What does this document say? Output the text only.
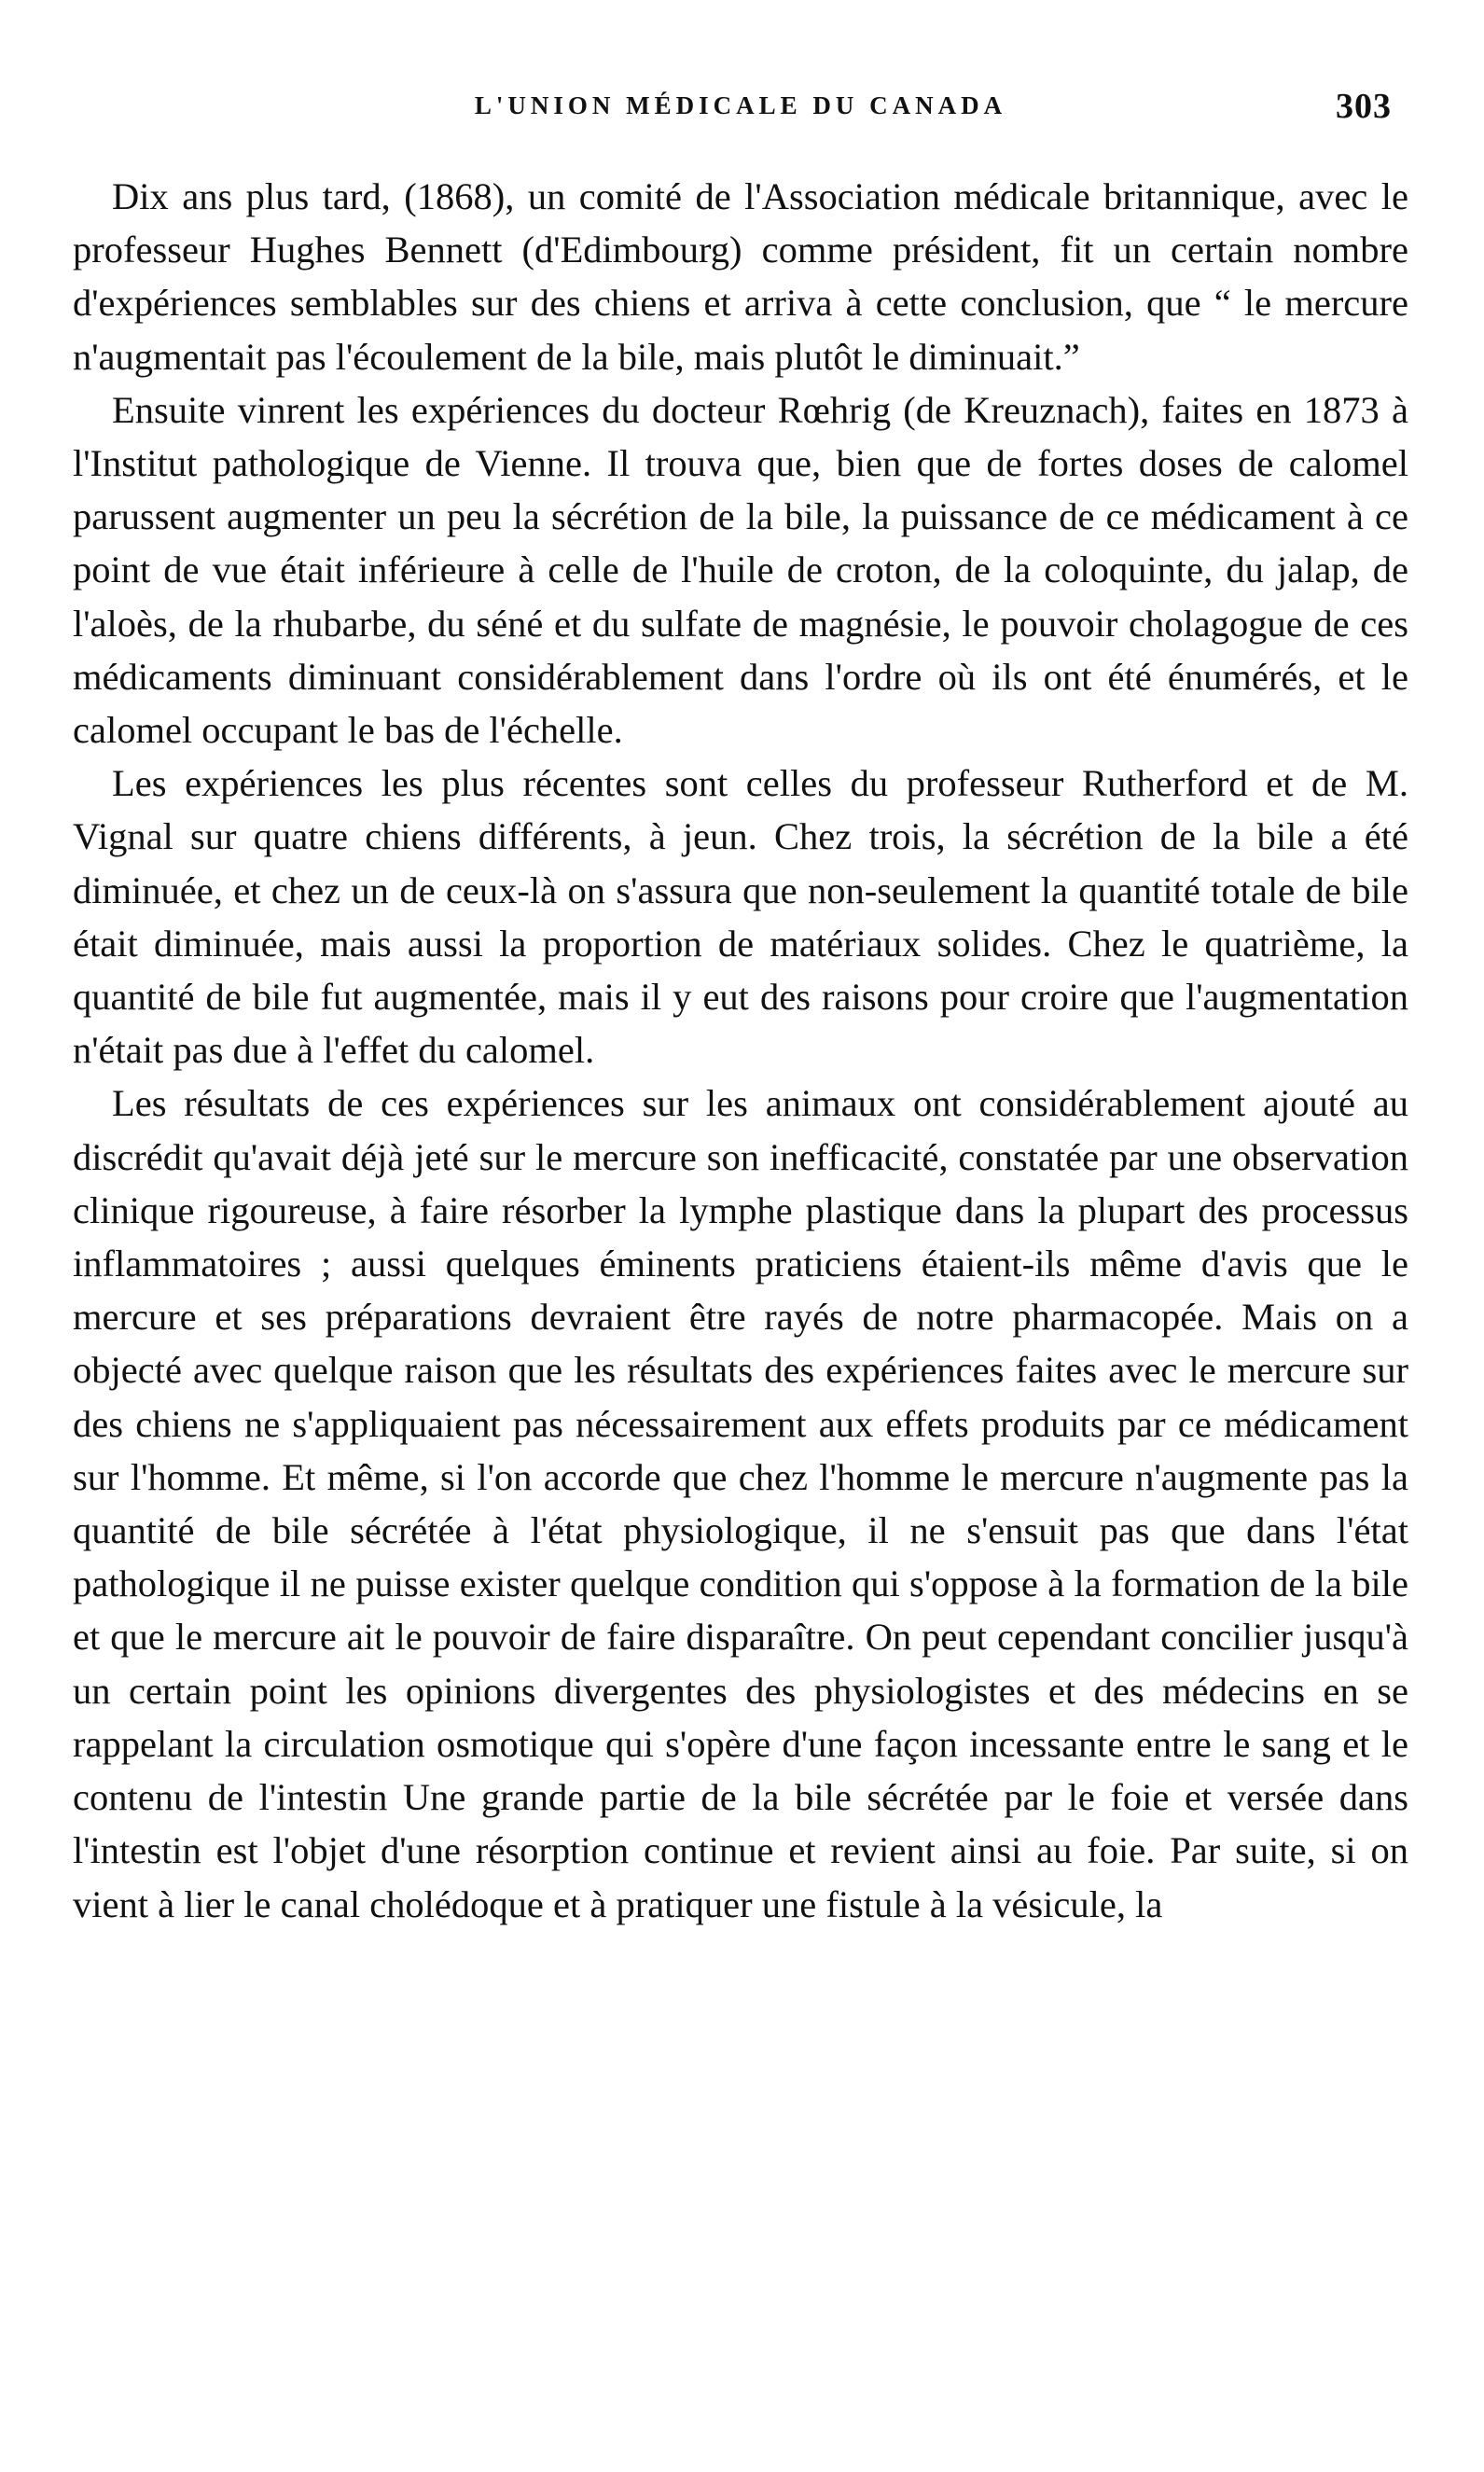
L'UNION MÉDICALE DU CANADA	303

Dix ans plus tard, (1868), un comité de l'Association médicale britannique, avec le professeur Hughes Bennett (d'Edimbourg) comme président, fit un certain nombre d'expériences semblables sur des chiens et arriva à cette conclusion, que “ le mercure n'augmentait pas l'écoulement de la bile, mais plutôt le diminuait.”

Ensuite vinrent les expériences du docteur Rœhrig (de Kreuznach), faites en 1873 à l'Institut pathologique de Vienne. Il trouva que, bien que de fortes doses de calomel parussent augmenter un peu la sécrétion de la bile, la puissance de ce médicament à ce point de vue était inférieure à celle de l'huile de croton, de la coloquinte, du jalap, de l'aloès, de la rhubarbe, du séné et du sulfate de magnésie, le pouvoir cholagogue de ces médicaments diminuant considérablement dans l'ordre où ils ont été énumérés, et le calomel occupant le bas de l'échelle.

Les expériences les plus récentes sont celles du professeur Rutherford et de M. Vignal sur quatre chiens différents, à jeun. Chez trois, la sécrétion de la bile a été diminuée, et chez un de ceux-là on s'assura que non-seulement la quantité totale de bile était diminuée, mais aussi la proportion de matériaux solides. Chez le quatrième, la quantité de bile fut augmentée, mais il y eut des raisons pour croire que l'augmentation n'était pas due à l'effet du calomel.

Les résultats de ces expériences sur les animaux ont considérablement ajouté au discrédit qu'avait déjà jeté sur le mercure son inefficacité, constatée par une observation clinique rigoureuse, à faire résorber la lymphe plastique dans la plupart des processus inflammatoires ; aussi quelques éminents praticiens étaient-ils même d'avis que le mercure et ses préparations devraient être rayés de notre pharmacopée. Mais on a objecté avec quelque raison que les résultats des expériences faites avec le mercure sur des chiens ne s'appliquaient pas nécessairement aux effets produits par ce médicament sur l'homme. Et même, si l'on accorde que chez l'homme le mercure n'augmente pas la quantité de bile sécrétée à l'état physiologique, il ne s'ensuit pas que dans l'état pathologique il ne puisse exister quelque condition qui s'oppose à la formation de la bile et que le mercure ait le pouvoir de faire disparaître. On peut cependant concilier jusqu'à un certain point les opinions divergentes des physiologistes et des médecins en se rappelant la circulation osmotique qui s'opère d'une façon incessante entre le sang et le contenu de l'intestin Une grande partie de la bile sécrétée par le foie et versée dans l'intestin est l'objet d'une résorption continue et revient ainsi au foie. Par suite, si on vient à lier le canal cholédoque et à pratiquer une fistule à la vésicule, la
